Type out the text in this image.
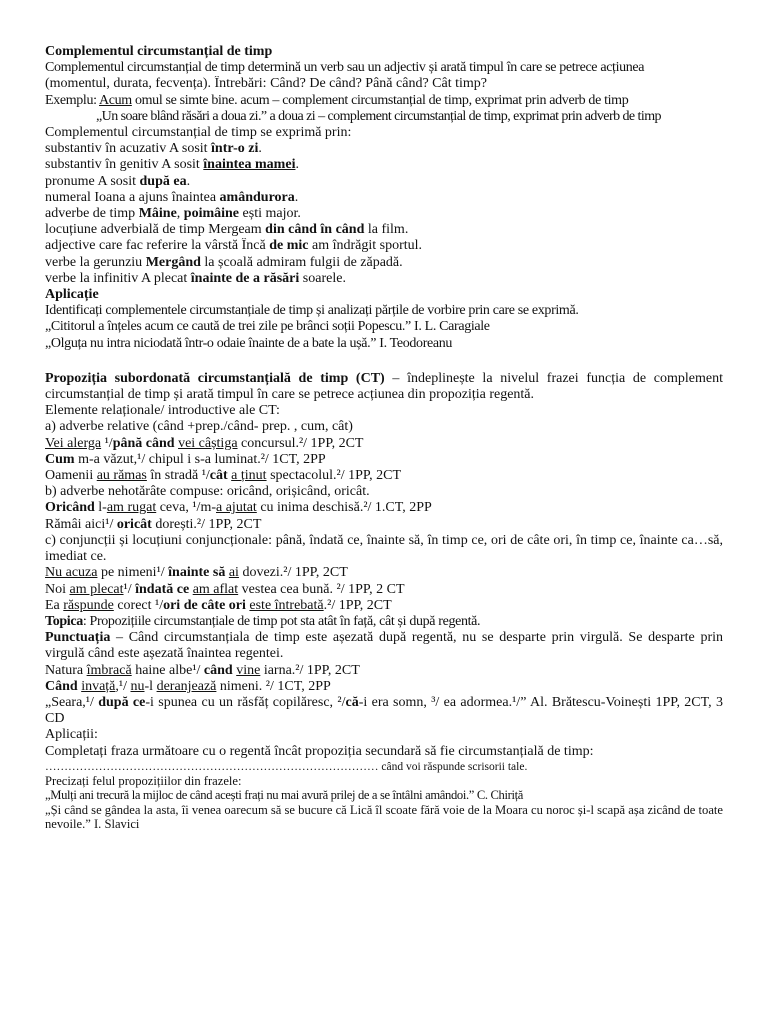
Complementul circumstanțial de timp
Complementul circumstanțial de timp determină un verb sau un adjectiv și arată timpul în care se petrece acțiunea
(momentul, durata, fecvența). Întrebări: Când? De când? Până când? Cât timp?
Exemplu: Acum omul se simte bine. acum – complement circumstanțial de timp, exprimat prin adverb de timp
„Un soare blând răsări a doua zi.” a doua zi – complement circumstanțial de timp, exprimat prin adverb de timp
Complementul circumstanțial de timp se exprimă prin:
substantiv în acuzativ A sosit într-o zi.
substantiv în genitiv A sosit înaintea mamei.
pronume A sosit după ea.
numeral Ioana a ajuns înaintea amândurora.
adverbe de timp Mâine, poimâine ești major.
locuțiune adverbială de timp Mergeam din când în când la film.
adjective care fac referire la vârstă Încă de mic am îndrăgit sportul.
verbe la gerunziu Mergând la școală admiram fulgii de zăpadă.
verbe la infinitiv A plecat înainte de a răsări soarele.
Aplicație
Identificați complementele circumstanțiale de timp și analizați părțile de vorbire prin care se exprimă.
„Cititorul a înțeles acum ce caută de trei zile pe brânci soții Popescu.” I. L. Caragiale
„Olguța nu intra niciodată într-o odaie înainte de a bate la ușă.” I. Teodoreanu
Propoziția subordonată circumstanțială de timp (CT) – îndeplinește la nivelul frazei funcția de complement circumstanțial de timp și arată timpul în care se petrece acțiunea din propoziția regentă.
Elemente relaționale/ introductive ale CT:
a) adverbe relative (când +prep./când- prep. , cum, cât)
Vei alerga ¹/până când vei câștiga concursul.²/ 1PP, 2CT
Cum m-a văzut,¹/ chipul i s-a luminat.²/ 1CT, 2PP
Oamenii au rămas în stradă ¹/cât a ținut spectacolul.²/ 1PP, 2CT
b) adverbe nehotărâte compuse: oricând, orișicând, oricât.
Oricând l-am rugat ceva, ¹/m-a ajutat cu inima deschisă.²/ 1.CT, 2PP
Rămâi aici¹/ oricât dorești.²/ 1PP, 2CT
c) conjuncții și locuțiuni conjuncționale: până, îndată ce, înainte să, în timp ce, ori de câte ori, în timp ce, înainte ca…să, imediat ce.
Nu acuza pe nimeni¹/ înainte să ai dovezi.²/ 1PP, 2CT
Noi am plecat¹/ îndată ce am aflat vestea cea bună. ²/ 1PP, 2 CT
Ea răspunde corect ¹/ori de câte ori este întrebată.²/ 1PP, 2CT
Topica: Propozițiile circumstanțiale de timp pot sta atât în față, cât și după regentă.
Punctuația – Când circumstanțiala de timp este așezată după regentă, nu se desparte prin virgulă. Se desparte prin virgulă când este așezată înaintea regentei.
Natura îmbracă haine albe¹/ când vine iarna.²/ 1PP, 2CT
Când invață,¹/ nu-l deranjează nimeni. ²/ 1CT, 2PP
„Seara,¹/ după ce-i spunea cu un răsfăț copilăresc, ²/că-i era somn, ³/ ea adormea.¹/” Al. Brătescu-Voinești 1PP, 2CT, 3 CD
Aplicații:
Completați fraza următoare cu o regentă încât propoziția secundară să fie circumstanțială de timp:
…………………………………………………………………………… când voi răspunde scrisorii tale.
Precizați felul propozițiilor din frazele:
„Mulți ani trecură la mijloc de când acești frați nu mai avură prilej de a se întâlni amândoi.” C. Chiriță
„Și când se gândea la asta, îi venea oarecum să se bucure că Lică îl scoate fără voie de la Moara cu noroc și-l scapă așa zicând de toate nevoile.” I. Slavici
